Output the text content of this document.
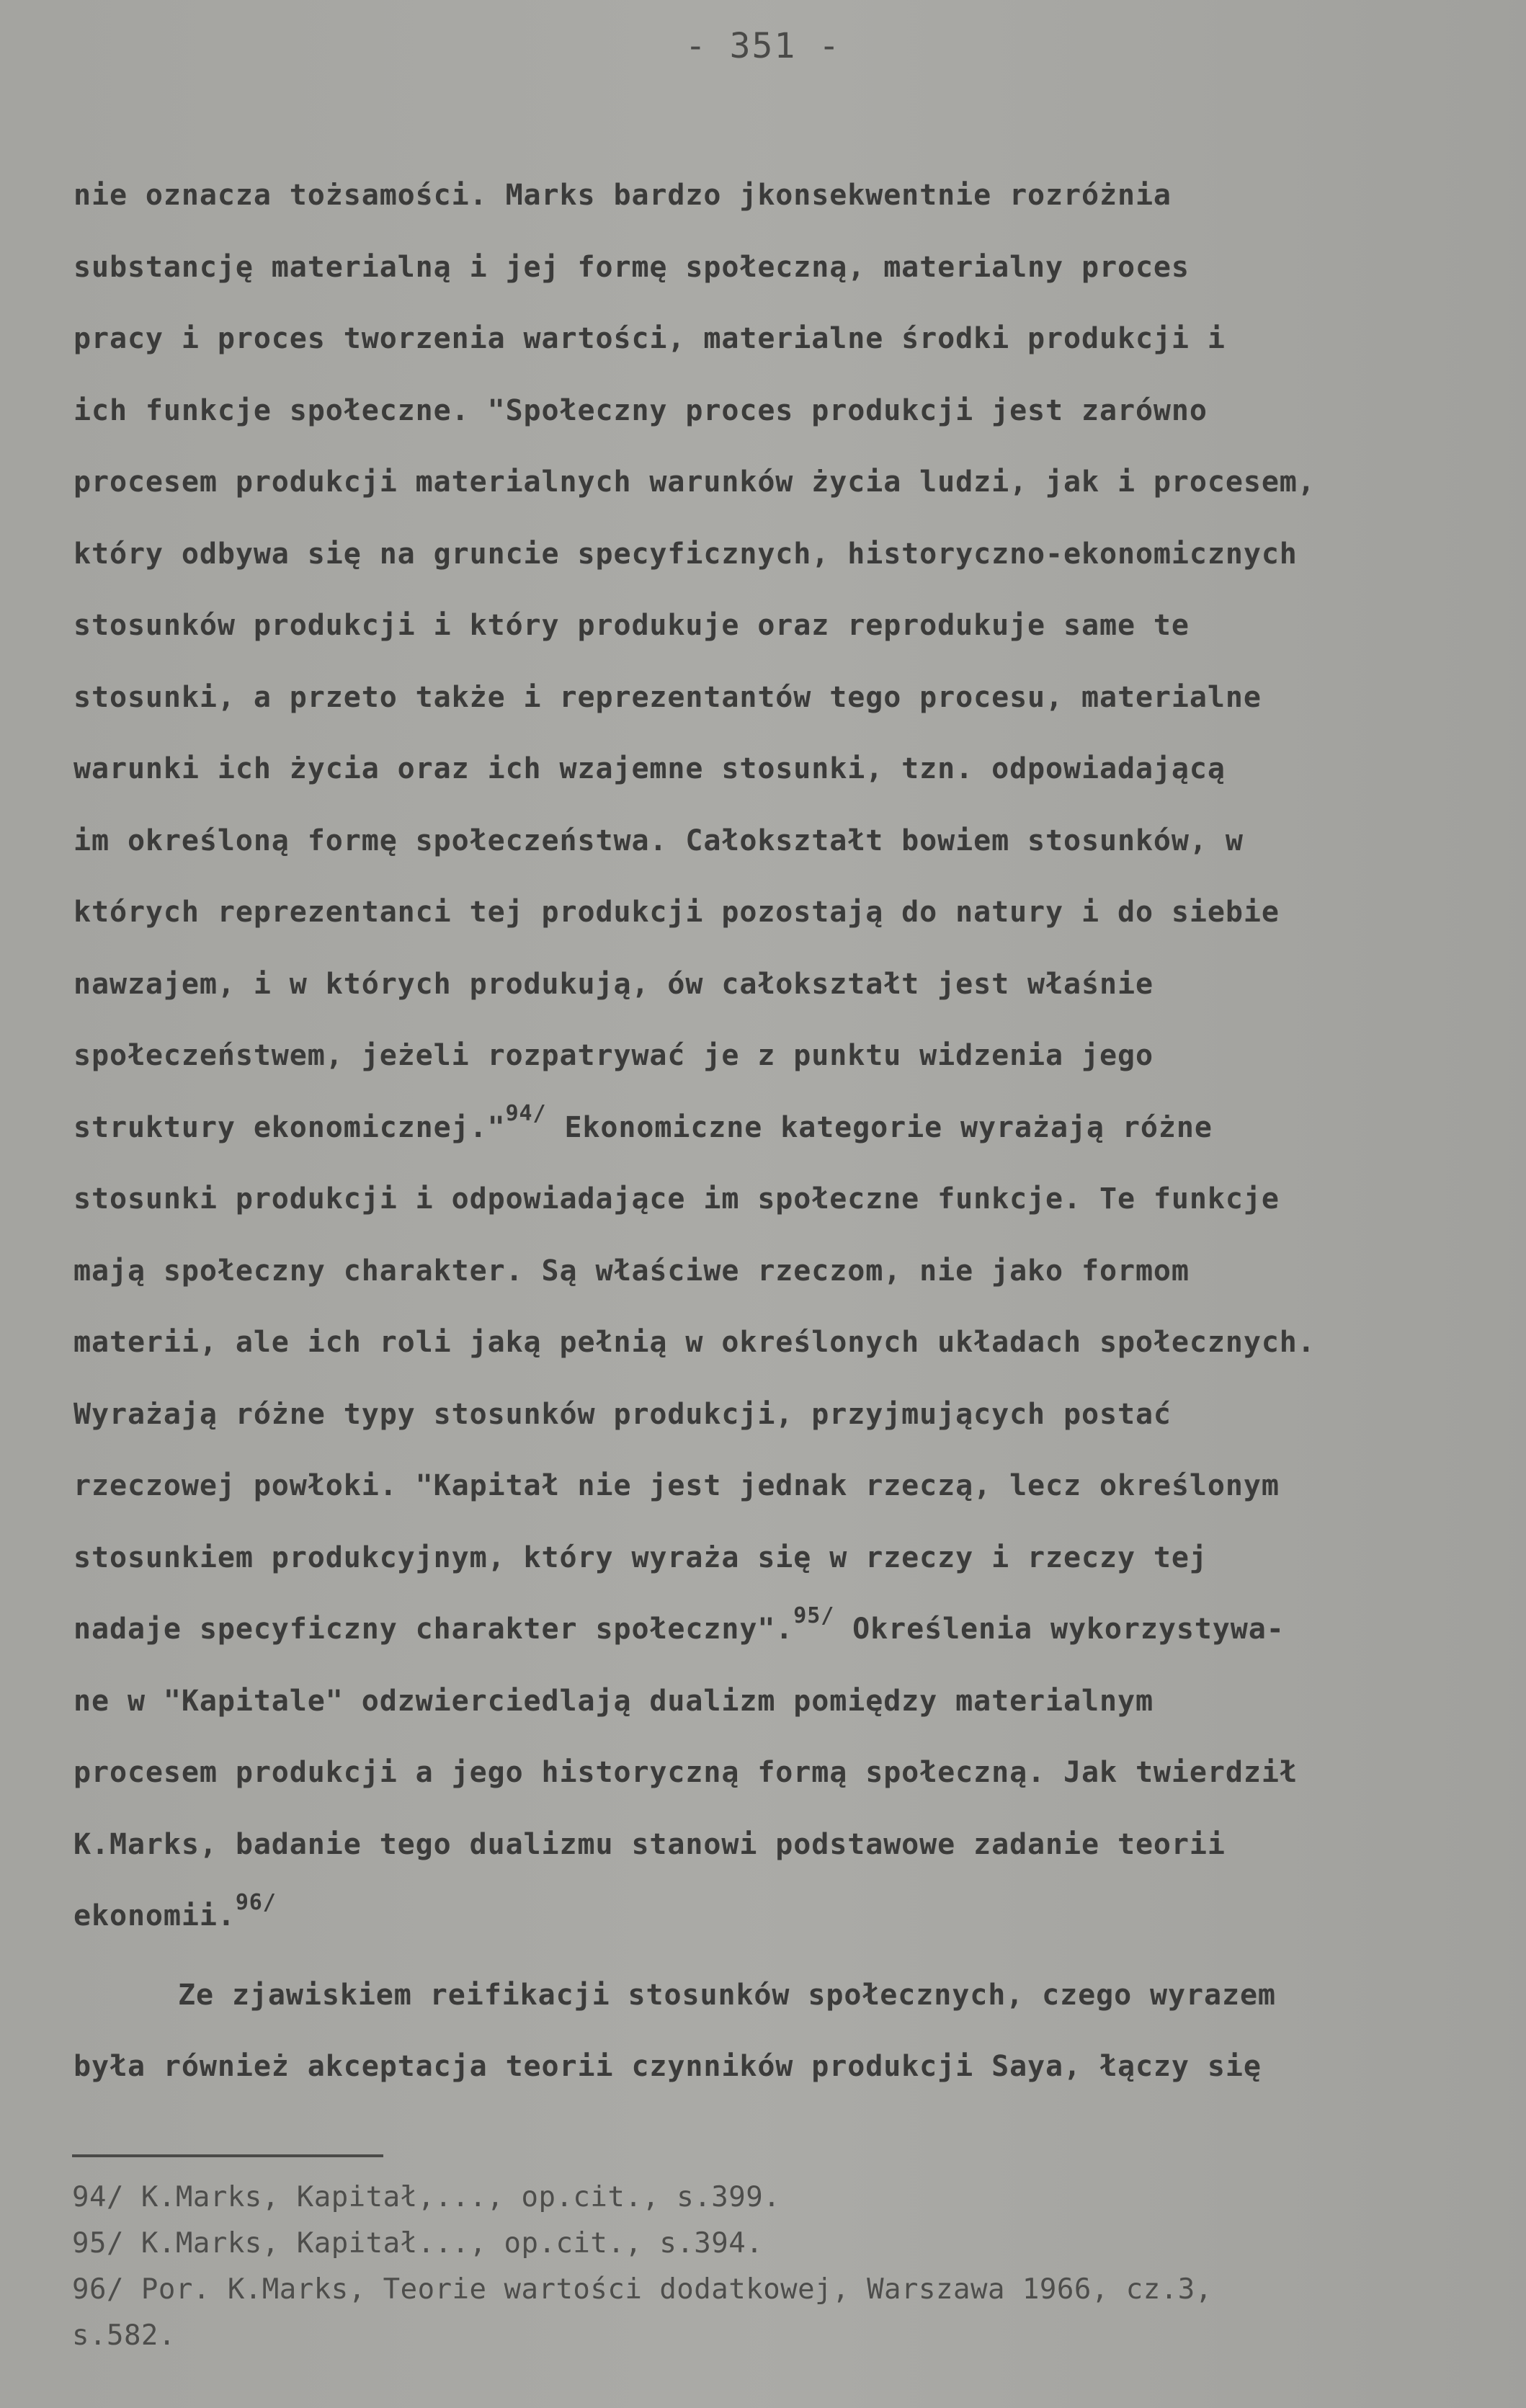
- 351 -
nie oznacza tożsamości. Marks bardzo jkonsekwentnie rozróżnia
substancję materialną i jej formę społeczną, materialny proces
pracy i proces tworzenia wartości, materialne środki produkcji i
ich funkcje społeczne. "Społeczny proces produkcji jest zarówno
procesem produkcji materialnych warunków życia ludzi, jak i procesem,
który odbywa się na gruncie specyficznych, historyczno-ekonomicznych
stosunków produkcji i który produkuje oraz reprodukuje same te
stosunki, a przeto także i reprezentantów tego procesu, materialne
warunki ich życia oraz ich wzajemne stosunki, tzn. odpowiadającą
im określoną formę społeczeństwa. Całokształt bowiem stosunków, w
których reprezentanci tej produkcji pozostają do natury i do siebie
nawzajem, i w których produkują, ów całokształt jest właśnie
społeczeństwem, jeżeli rozpatrywać je z punktu widzenia jego
struktury ekonomicznej."$^{94/}$ Ekonomiczne kategorie wyrażają różne
stosunki produkcji i odpowiadające im społeczne funkcje. Te funkcje
mają społeczny charakter. Są właściwe rzeczom, nie jako formom
materii, ale ich roli jaką pełnią w określonych układach społecznych.
Wyrażają różne typy stosunków produkcji, przyjmujących postać
rzeczowej powłoki. "Kapitał nie jest jednak rzeczą, lecz określonym
stosunkiem produkcyjnym, który wyraża się w rzeczy i rzeczy tej
nadaje specyficzny charakter społeczny".$^{95/}$ Określenia wykorzystywa-
ne w "Kapitale" odzwierciedlają dualizm pomiędzy materialnym
procesem produkcji a jego historyczną formą społeczną. Jak twierdził
K.Marks, badanie tego dualizmu stanowi podstawowe zadanie teorii
ekonomii.$^{96/}$
Ze zjawiskiem reifikacji stosunków społecznych, czego wyrazem
była również akceptacja teorii czynników produkcji Saya, łączy się
94/ K.Marks, Kapitał,..., op.cit., s.399.
95/ K.Marks, Kapitał..., op.cit., s.394.
96/ Por. K.Marks, Teorie wartości dodatkowej, Warszawa 1966, cz.3,
s.582.
